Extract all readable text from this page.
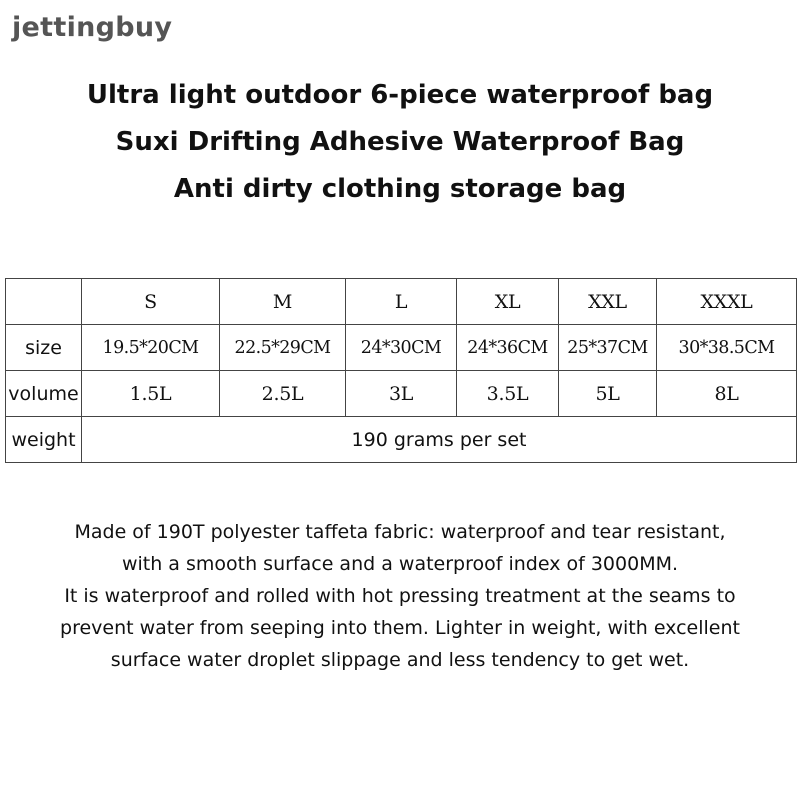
jettingbuy
Ultra light outdoor 6-piece waterproof bag
Suxi Drifting Adhesive Waterproof Bag
Anti dirty clothing storage bag
	S	M	L	XL	XXL	XXXL
size	19.5*20CM	22.5*29CM	24*30CM	24*36CM	25*37CM	30*38.5CM
volume	1.5L	2.5L	3L	3.5L	5L	8L
weight	190 grams per set					
Made of 190T polyester taffeta fabric: waterproof and tear resistant,
with a smooth surface and a waterproof index of 3000MM.
It is waterproof and rolled with hot pressing treatment at the seams to
prevent water from seeping into them. Lighter in weight, with excellent
surface water droplet slippage and less tendency to get wet.
